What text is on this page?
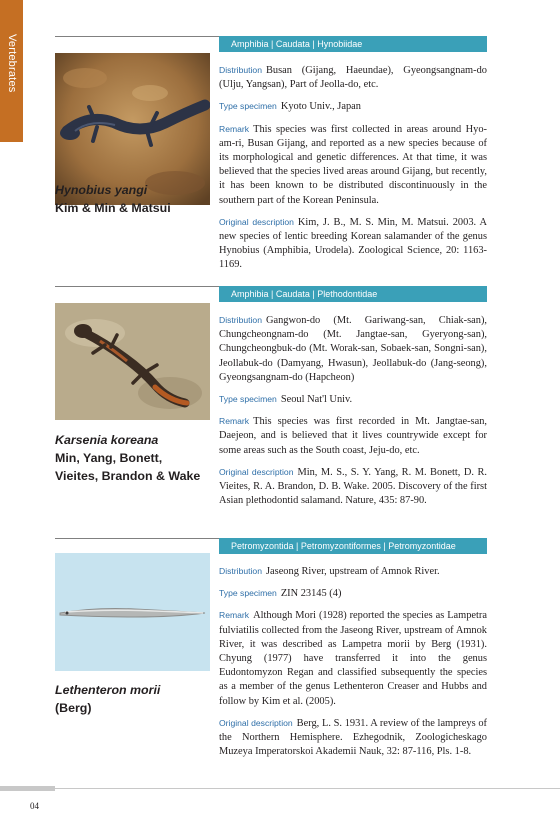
Vertebrates
Hynobius yangi
Kim & Min & Matsui
Amphibia | Caudata | Hynobiidae

Distribution Busan (Gijang, Haeundae), Gyeongsangnam-do (Ulju, Yangsan), Part of Jeolla-do, etc.

Type specimen Kyoto Univ., Japan

Remark This species was first collected in areas around Hyo-am-ri, Busan Gijang, and reported as a new species because of its morphological and genetic differences. At that time, it was believed that the species lived areas around Gijang, but recently, it has been known to be distributed discontinuously in the southern part of the Korean Peninsula.

Original description Kim, J. B., M. S. Min, M. Matsui. 2003. A new species of lentic breeding Korean salamander of the genus Hynobius (Amphibia, Urodela). Zoological Science, 20: 1163-1169.

Karsenia koreana
Min, Yang, Bonett,
Vieites, Brandon & Wake
Amphibia | Caudata | Plethodontidae

Distribution Gangwon-do (Mt. Gariwang-san, Chiak-san), Chungcheongnam-do (Mt. Jangtae-san, Gyeryong-san), Chungcheongbuk-do (Mt. Worak-san, Sobaek-san, Songni-san), Jeollabuk-do (Damyang, Hwasun), Jeollabuk-do (Jang-seong), Gyeongsangnam-do (Hapcheon)

Type specimen Seoul Nat'l Univ.

Remark This species was first recorded in Mt. Jangtae-san, Daejeon, and is believed that it lives countrywide except for some areas such as the South coast, Jeju-do, etc.

Original description Min, M. S., S. Y. Yang, R. M. Bonett, D. R. Vieites, R. A. Brandon, D. B. Wake. 2005. Discovery of the first Asian plethodontid salamand. Nature, 435: 87-90.

Lethenteron morii
(Berg)
Petromyzontida | Petromyzontiformes | Petromyzontidae

Distribution Jaseong River, upstream of Amnok River.

Type specimen ZIN 23145 (4)

Remark Although Mori (1928) reported the species as Lampetra fulviatilis collected from the Jaseong River, upstream of Amnok River, it was described as Lampetra morii by Berg (1931). Chyung (1977) have transferred it into the genus Eudontomyzon Regan and classified subsequently the species as a member of the genus Lethenteron Creaser and Hubbs and follow by Kim et al. (2005).

Original description Berg, L. S. 1931. A review of the lampreys of the Northern Hemisphere. Ezhegodnik, Zoologicheskago Muzeya Imperatorskoi Akademii Nauk, 32: 87-116, Pls. 1-8.

04
